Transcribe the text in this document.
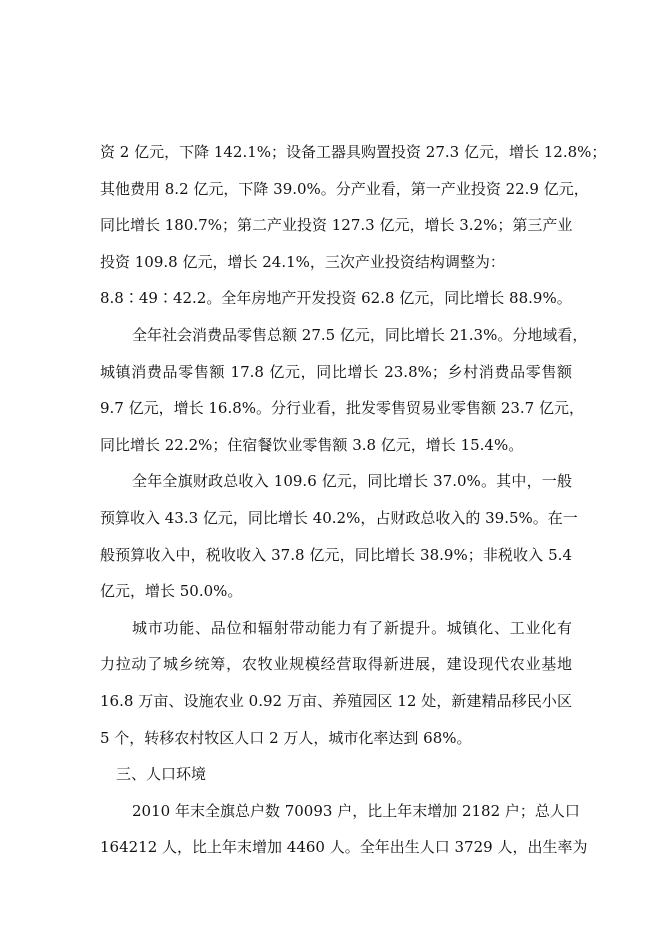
资 2 亿元，下降 142.1%；设备工器具购置投资 27.3 亿元，增长 12.8%；
其他费用 8.2 亿元，下降 39.0%。分产业看，第一产业投资 22.9 亿元，
同比增长 180.7%；第二产业投资 127.3 亿元，增长 3.2%；第三产业
投资 109.8 亿元，增长 24.1%，三次产业投资结构调整为：
8.8∶49∶42.2。全年房地产开发投资 62.8 亿元，同比增长 88.9%。
全年社会消费品零售总额 27.5 亿元，同比增长 21.3%。分地域看，
城镇消费品零售额 17.8 亿元，同比增长 23.8%；乡村消费品零售额
9.7 亿元，增长 16.8%。分行业看，批发零售贸易业零售额 23.7 亿元，
同比增长 22.2%；住宿餐饮业零售额 3.8 亿元，增长 15.4%。
全年全旗财政总收入 109.6 亿元，同比增长 37.0%。其中，一般
预算收入 43.3 亿元，同比增长 40.2%，占财政总收入的 39.5%。在一
般预算收入中，税收收入 37.8 亿元，同比增长 38.9%；非税收入 5.4
亿元，增长 50.0%。
城市功能、品位和辐射带动能力有了新提升。城镇化、工业化有
力拉动了城乡统筹，农牧业规模经营取得新进展，建设现代农业基地
16.8 万亩、设施农业 0.92 万亩、养殖园区 12 处，新建精品移民小区
5 个，转移农村牧区人口 2 万人，城市化率达到 68%。
三、人口环境
2010 年末全旗总户数 70093 户，比上年末增加 2182 户；总人口
164212 人，比上年末增加 4460 人。全年出生人口 3729 人，出生率为
